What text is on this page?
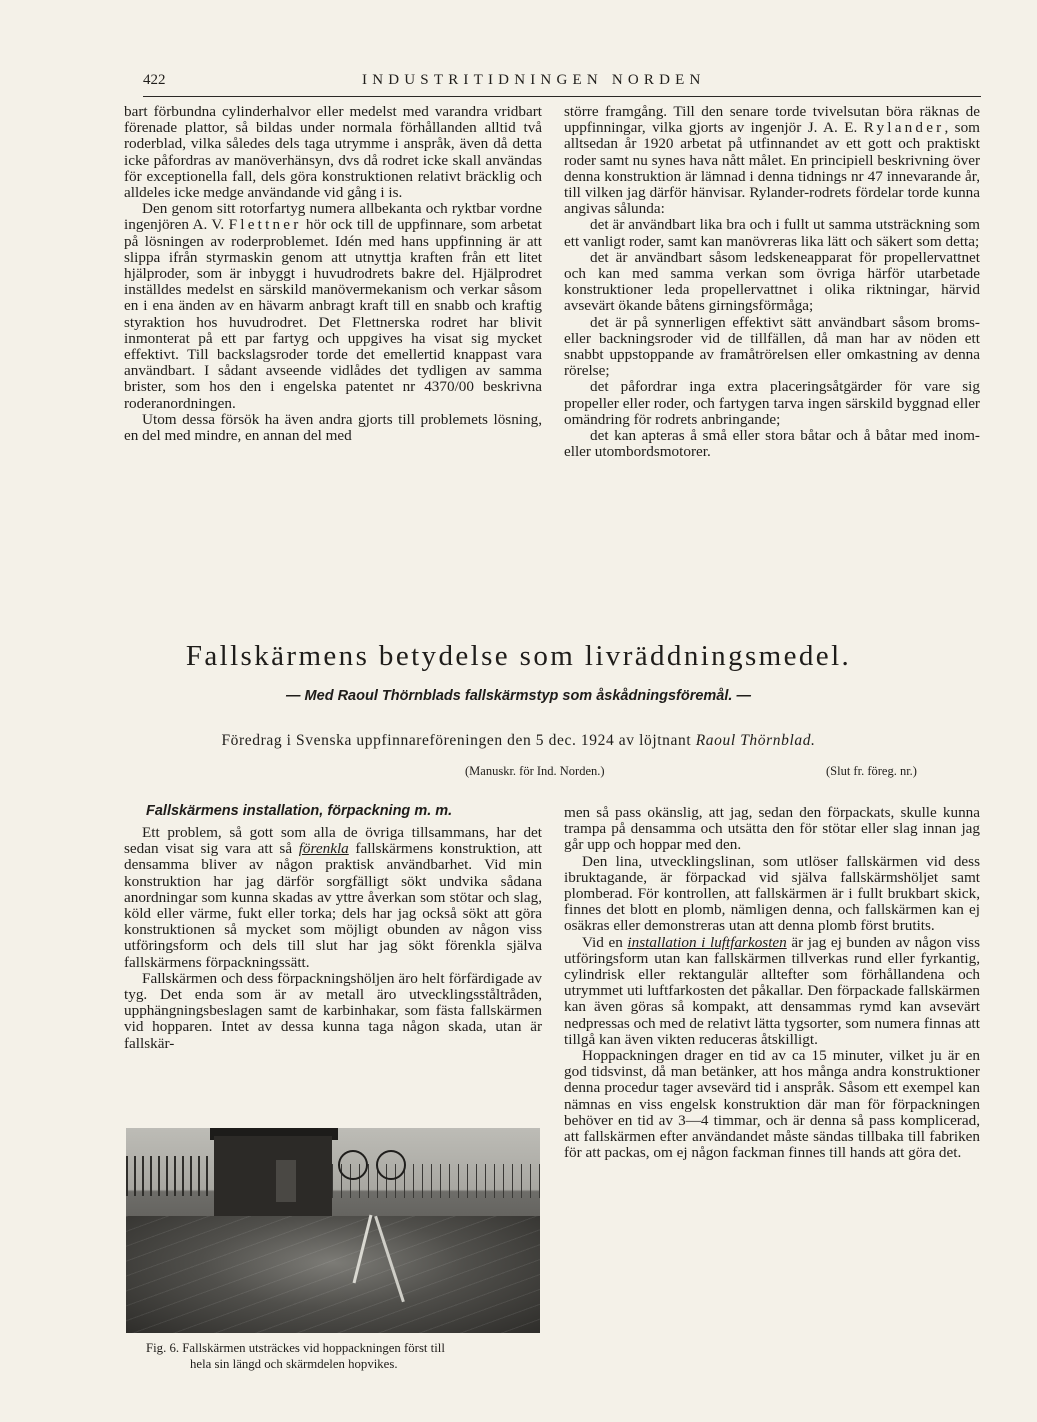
422	INDUSTRITIDNINGEN NORDEN

bart förbundna cylinderhalvor eller medelst med varandra vridbart förenade plattor, så bildas under normala förhållanden alltid två roderblad, vilka således dels taga utrymme i anspråk, även då detta icke påfordras av manöverhänsyn, dvs då rodret icke skall användas för exceptionella fall, dels göra konstruktionen relativt bräcklig och alldeles icke medge användande vid gång i is.

Den genom sitt rotorfartyg numera allbekanta och ryktbar vordne ingenjören A. V. Flettner hör ock till de uppfinnare, som arbetat på lösningen av roderproblemet. Idén med hans uppfinning är att slippa ifrån styrmaskin genom att utnyttja kraften från ett litet hjälproder, som är inbyggt i huvudrodrets bakre del. Hjälprodret inställdes medelst en särskild manövermekanism och verkar såsom en i ena änden av en hävarm anbragt kraft till en snabb och kraftig styraktion hos huvudrodret. Det Flettnerska rodret har blivit inmonterat på ett par fartyg och uppgives ha visat sig mycket effektivt. Till backslagsroder torde det emellertid knappast vara användbart. I sådant avseende vidlådes det tydligen av samma brister, som hos den i engelska patentet nr 4370/00 beskrivna roderanordningen.

Utom dessa försök ha även andra gjorts till problemets lösning, en del med mindre, en annan del med

större framgång. Till den senare torde tvivelsutan böra räknas de uppfinningar, vilka gjorts av ingenjör J. A. E. Rylander, som alltsedan år 1920 arbetat på utfinnandet av ett gott och praktiskt roder samt nu synes hava nått målet. En principiell beskrivning över denna konstruktion är lämnad i denna tidnings nr 47 innevarande år, till vilken jag därför hänvisar. Rylander-rodrets fördelar torde kunna angivas sålunda:

det är användbart lika bra och i fullt ut samma utsträckning som ett vanligt roder, samt kan manövreras lika lätt och säkert som detta;

det är användbart såsom ledskeneapparat för propellervattnet och kan med samma verkan som övriga härför utarbetade konstruktioner leda propellervattnet i olika riktningar, härvid avsevärt ökande båtens girningsförmåga;

det är på synnerligen effektivt sätt användbart såsom broms- eller backningsroder vid de tillfällen, då man har av nöden ett snabbt uppstoppande av framåtrörelsen eller omkastning av denna rörelse;

det påfordrar inga extra placeringsåtgärder för vare sig propeller eller roder, och fartygen tarva ingen särskild byggnad eller omändring för rodrets anbringande;

det kan apteras å små eller stora båtar och å båtar med inom- eller utombordsmotorer.

Fallskärmens betydelse som livräddningsmedel.
— Med Raoul Thörnblads fallskärmstyp som åskådningsföremål. —
Föredrag i Svenska uppfinnareföreningen den 5 dec. 1924 av löjtnant Raoul Thörnblad.
(Manuskr. för Ind. Norden.)	(Slut fr. föreg. nr.)
Fallskärmens installation, förpackning m. m.

Ett problem, så gott som alla de övriga tillsammans, har det sedan visat sig vara att så förenkla fallskärmens konstruktion, att densamma bliver av någon praktisk användbarhet. Vid min konstruktion har jag därför sorgfälligt sökt undvika sådana anordningar som kunna skadas av yttre åverkan som stötar och slag, köld eller värme, fukt eller torka; dels har jag också sökt att göra konstruktionen så mycket som möjligt obunden av någon viss utföringsform och dels till slut har jag sökt förenkla själva fallskärmens förpackningssätt.

Fallskärmen och dess förpackningshöljen äro helt förfärdigade av tyg. Det enda som är av metall äro utvecklingsståltråden, upphängningsbeslagen samt de karbinhakar, som fästa fallskärmen vid hopparen. Intet av dessa kunna taga någon skada, utan är fallskär-

men så pass okänslig, att jag, sedan den förpackats, skulle kunna trampa på densamma och utsätta den för stötar eller slag innan jag går upp och hoppar med den.

Den lina, utvecklingslinan, som utlöser fallskärmen vid dess ibruktagande, är förpackad vid själva fallskärmshöljet samt plomberad. För kontrollen, att fallskärmen är i fullt brukbart skick, finnes det blott en plomb, nämligen denna, och fallskärmen kan ej osäkras eller demonstreras utan att denna plomb först brutits.

Vid en installation i luftfarkosten är jag ej bunden av någon viss utföringsform utan kan fallskärmen tillverkas rund eller fyrkantig, cylindrisk eller rektangulär alltefter som förhållandena och utrymmet uti luftfarkosten det påkallar. Den förpackade fallskärmen kan även göras så kompakt, att densammas rymd kan avsevärt nedpressas och med de relativt lätta tygsorter, som numera finnas att tillgå kan även vikten reduceras åtskilligt.

Hoppackningen drager en tid av ca 15 minuter, vilket ju är en god tidsvinst, då man betänker, att hos många andra konstruktioner denna procedur tager avsevärd tid i anspråk. Såsom ett exempel kan nämnas en viss engelsk konstruktion där man för förpackningen behöver en tid av 3—4 timmar, och är denna så pass komplicerad, att fallskärmen efter användandet måste sändas tillbaka till fabriken för att packas, om ej någon fackman finnes till hands att göra det.

Fig. 6. Fallskärmen utsträckes vid hoppackningen först till
hela sin längd och skärmdelen hopvikes.
